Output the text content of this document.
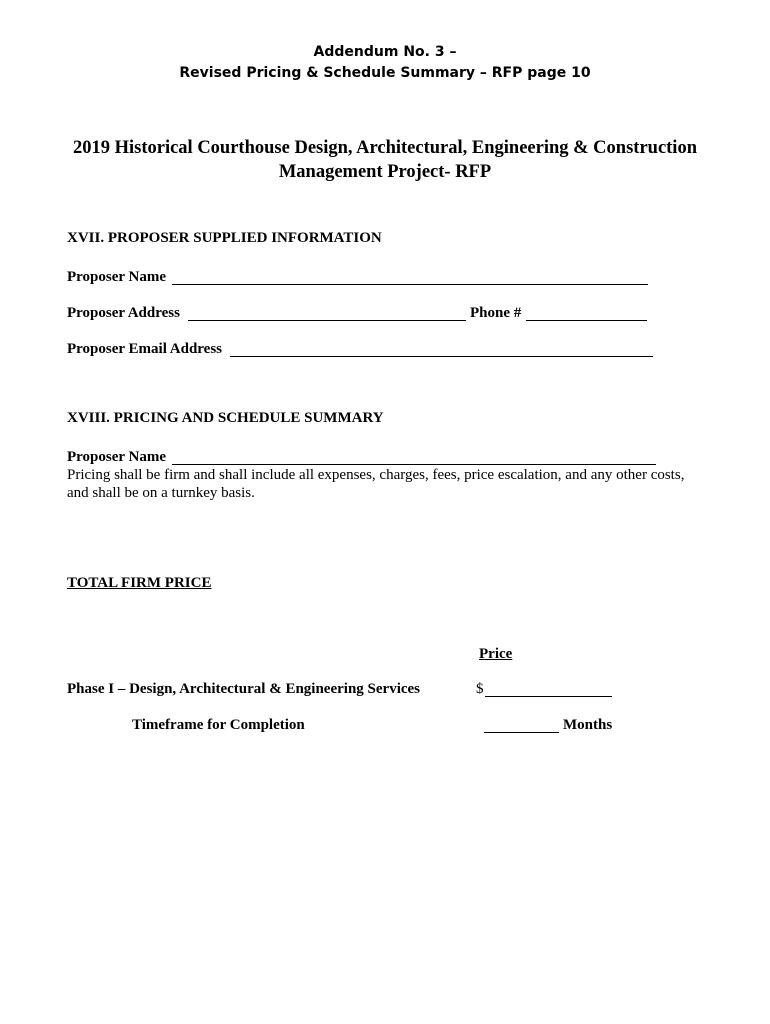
Addendum No. 3 –
Revised Pricing & Schedule Summary – RFP page 10
2019 Historical Courthouse Design, Architectural, Engineering & Construction
Management Project- RFP
XVII. PROPOSER SUPPLIED INFORMATION
Proposer Name
Proposer Address	Phone #
Proposer Email Address
XVIII. PRICING AND SCHEDULE SUMMARY
Proposer Name
Pricing shall be firm and shall include all expenses, charges, fees, price escalation, and any other costs,
and shall be on a turnkey basis.
TOTAL FIRM PRICE
Price
Phase I – Design, Architectural & Engineering Services	$
Timeframe for Completion	Months
